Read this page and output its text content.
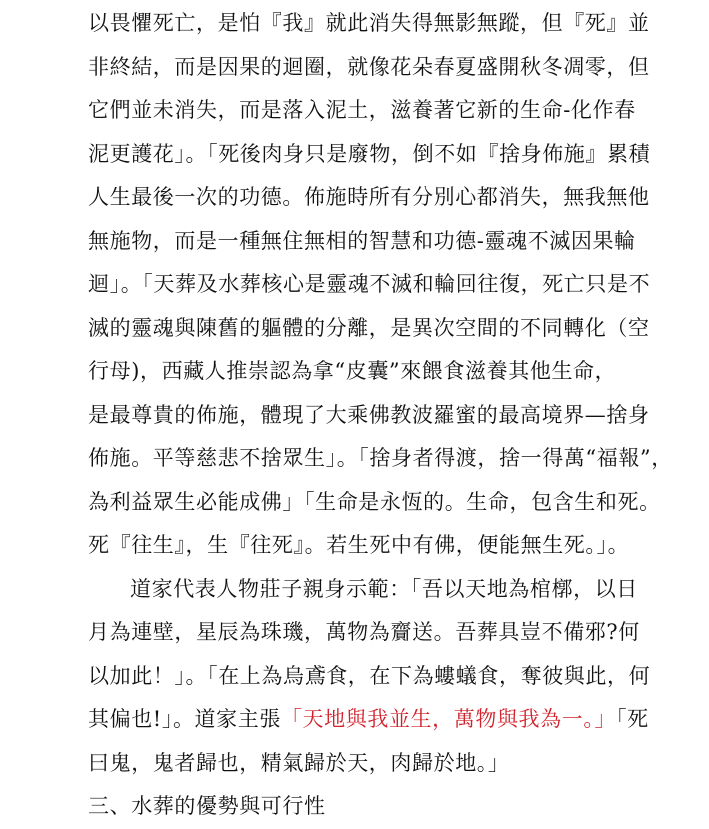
以畏懼死亡，是怕『我』就此消失得無影無蹤，但『死』並
非終結，而是因果的迴圈，就像花朵春夏盛開秋冬凋零，但
它們並未消失，而是落入泥土，滋養著它新的生命-化作春
泥更護花」。「死後肉身只是廢物，倒不如『捨身佈施』累積
人生最後一次的功德。佈施時所有分別心都消失，無我無他
無施物，而是一種無住無相的智慧和功德-靈魂不滅因果輪
迴」。「天葬及水葬核心是靈魂不滅和輪回往復，死亡只是不
滅的靈魂與陳舊的軀體的分離，是異次空間的不同轉化（空
行母)，西藏人推崇認為拿“皮囊”來餵食滋養其他生命，
是最尊貴的佈施，體現了大乘佛教波羅蜜的最高境界—捨身
佈施。平等慈悲不捨眾生」。「捨身者得渡，捨一得萬“福報”，
為利益眾生必能成佛」「生命是永恆的。生命，包含生和死。
死『往生』，生『往死』。若生死中有佛，便能無生死。」。
道家代表人物莊子親身示範：「吾以天地為棺槨，以日
月為連壁，星辰為珠璣，萬物為齎送。吾葬具豈不備邪?何
以加此！」。「在上為烏鳶食，在下為螻蟻食，奪彼與此，何
其偏也!」。道家主張「天地與我並生，萬物與我為一。」「死
曰鬼，鬼者歸也，精氣歸於天，肉歸於地。」
三、水葬的優勢與可行性
